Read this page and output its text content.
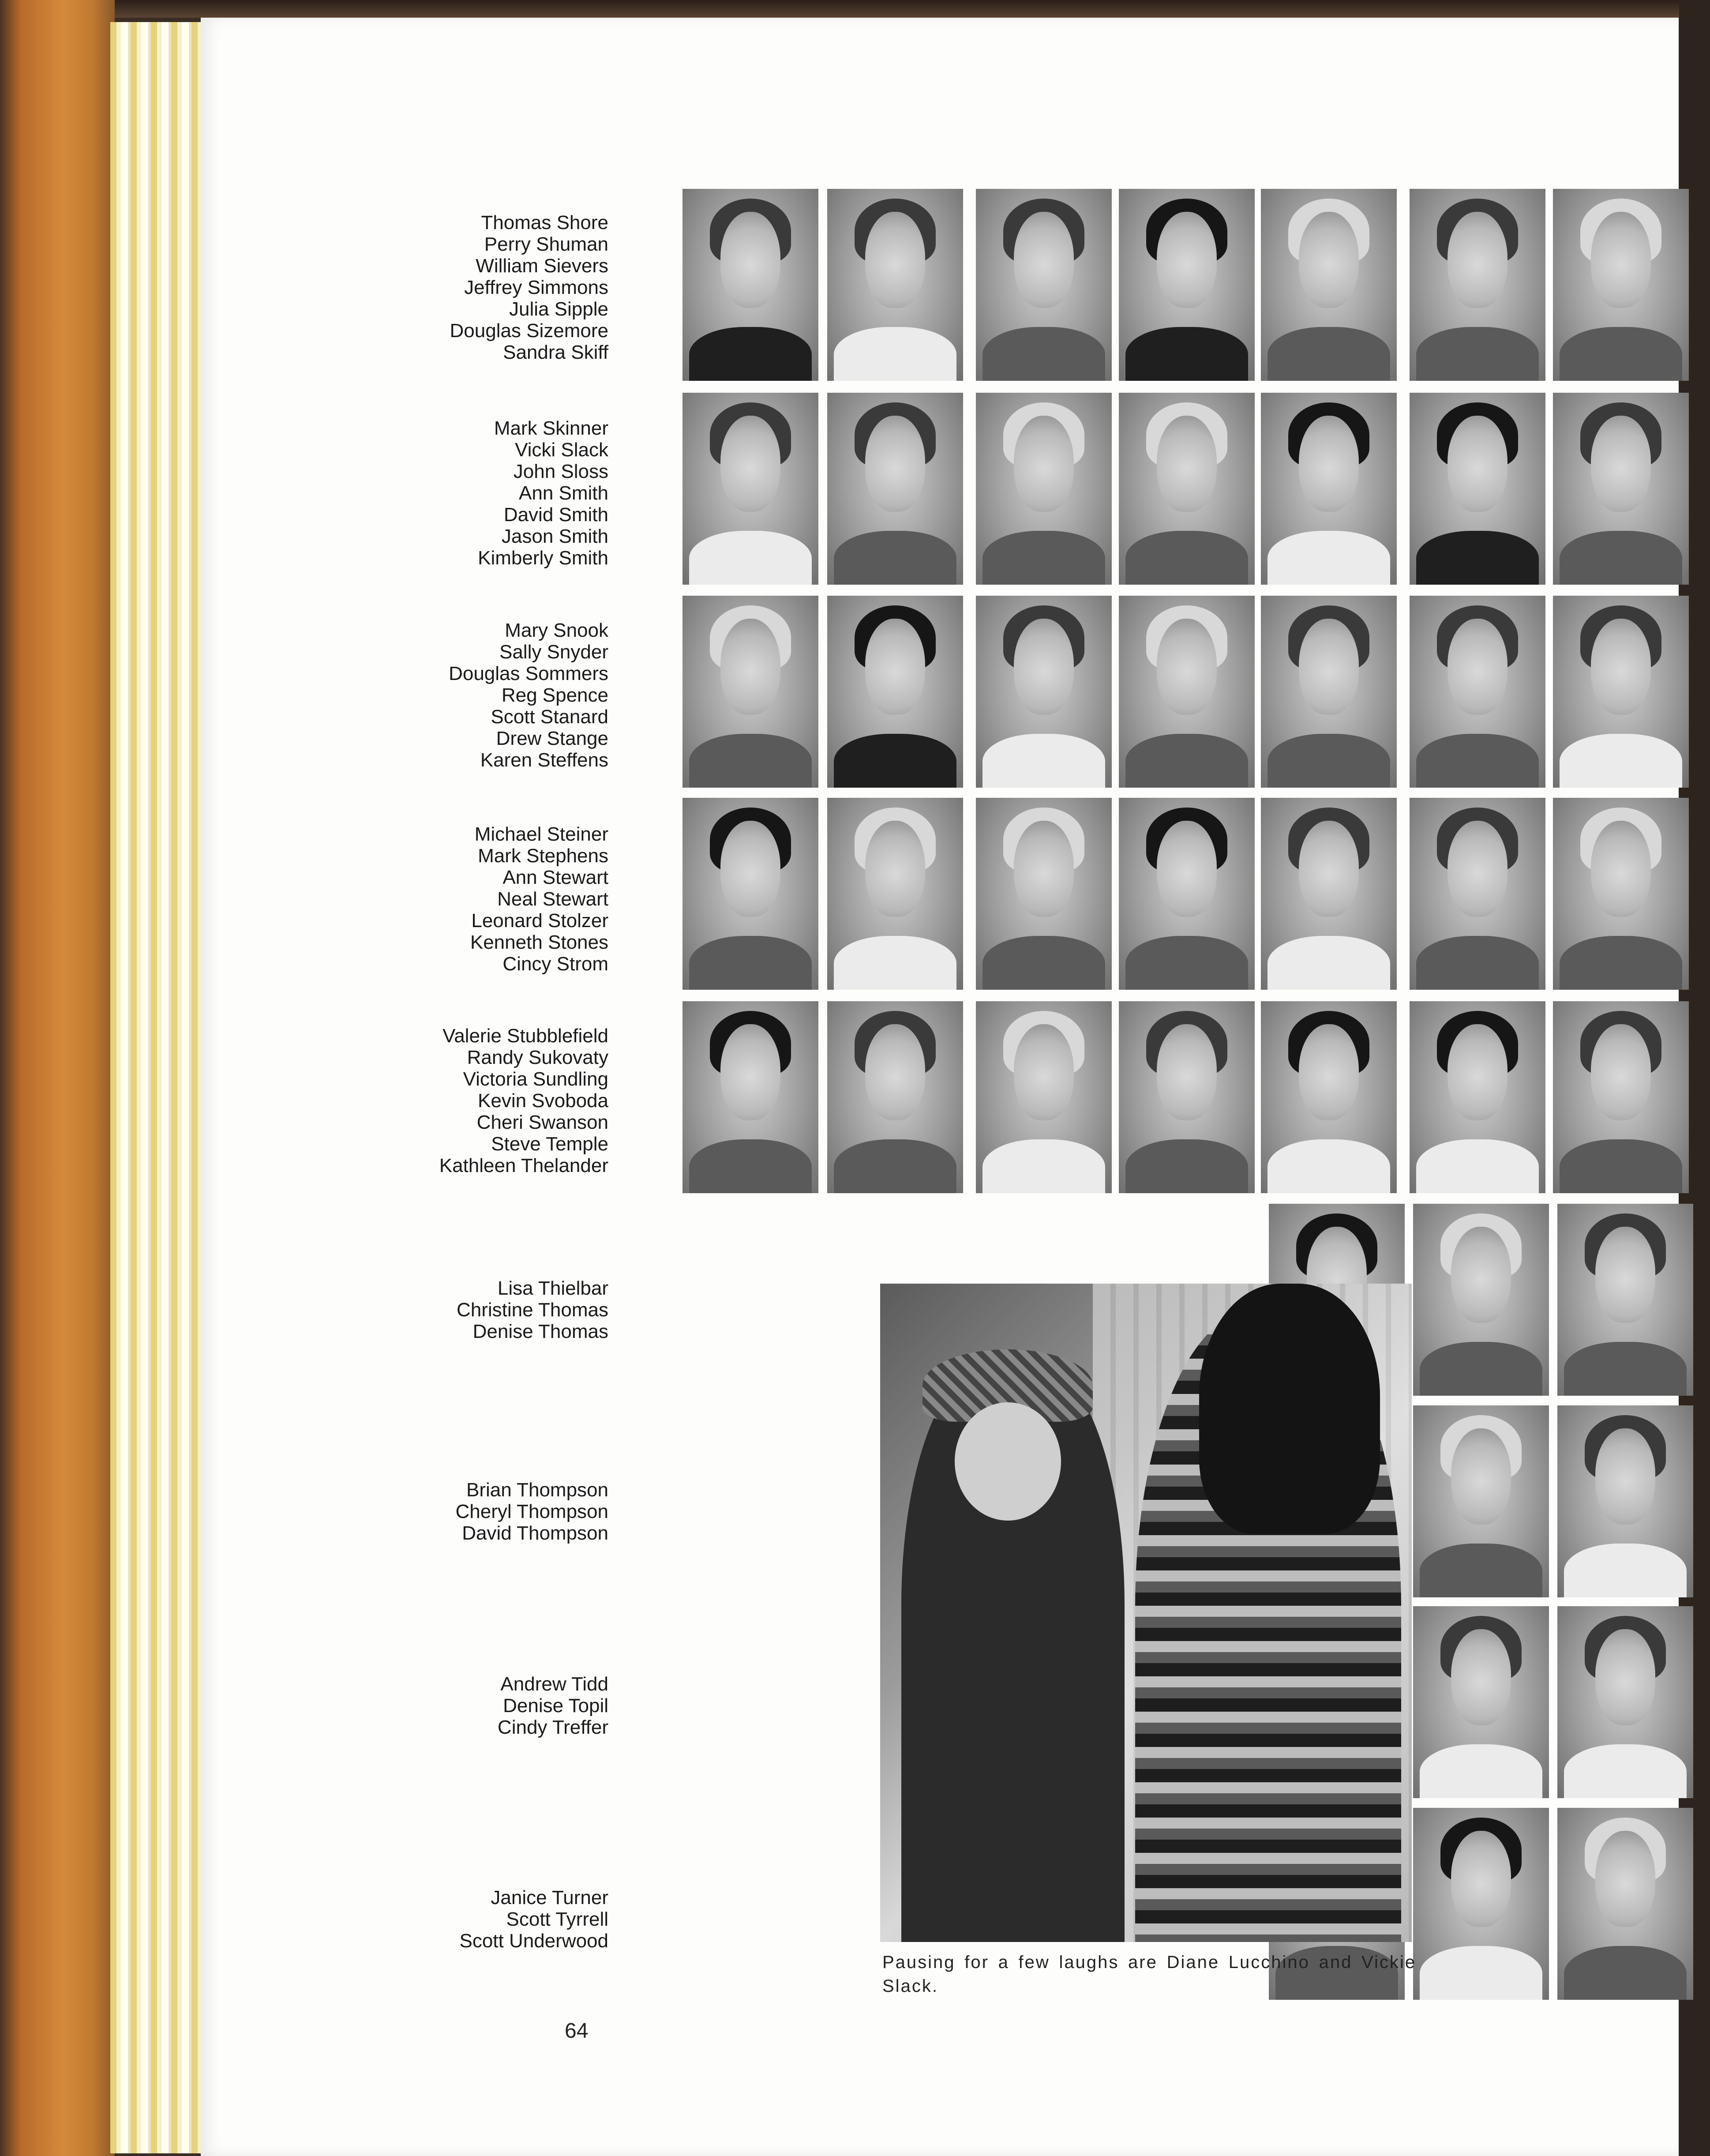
Thomas Shore
Perry Shuman
William Sievers
Jeffrey Simmons
Julia Sipple
Douglas Sizemore
Sandra Skiff
Mark Skinner
Vicki Slack
John Sloss
Ann Smith
David Smith
Jason Smith
Kimberly Smith
Mary Snook
Sally Snyder
Douglas Sommers
Reg Spence
Scott Stanard
Drew Stange
Karen Steffens
Michael Steiner
Mark Stephens
Ann Stewart
Neal Stewart
Leonard Stolzer
Kenneth Stones
Cincy Strom
Valerie Stubblefield
Randy Sukovaty
Victoria Sundling
Kevin Svoboda
Cheri Swanson
Steve Temple
Kathleen Thelander
Lisa Thielbar
Christine Thomas
Denise Thomas
Brian Thompson
Cheryl Thompson
David Thompson
Andrew Tidd
Denise Topil
Cindy Treffer
Janice Turner
Scott Tyrrell
Scott Underwood

Pausing for a few laughs are Diane Lucchino and Vickie Slack.

64
